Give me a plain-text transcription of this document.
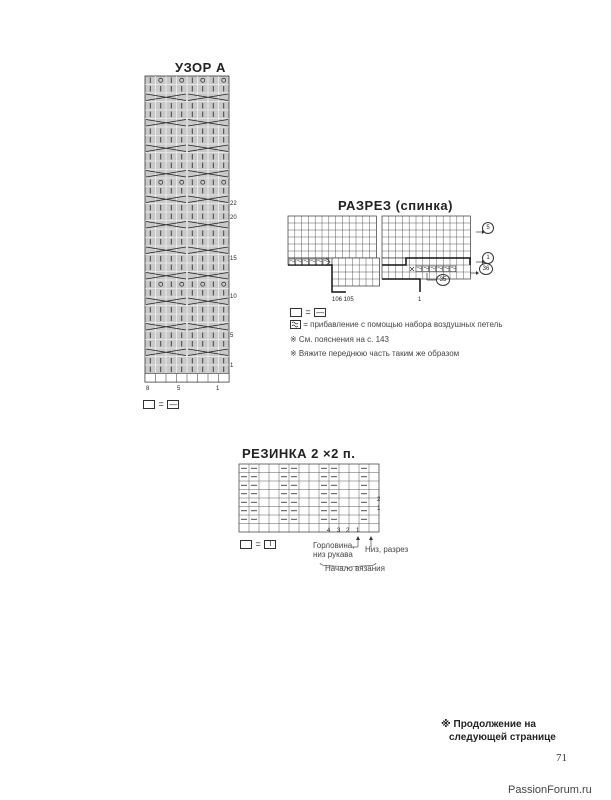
УЗОР А
22
20
15
10
5
1
8	5	1
= —
РАЗРЕЗ (спинка)
106 105	1
5
1
36
35
= —
= прибавление с помощью набора воздушных петель
※ См. пояснения на с. 143
※ Вяжите переднюю часть таким же образом
РЕЗИНКА 2 ×2 п.
2
1
4 3 2 1
= I	Горловина,
низ рукава
Низ, разрез
Начало вязания
※ Продолжение на
следующей странице
71
PassionForum.ru
